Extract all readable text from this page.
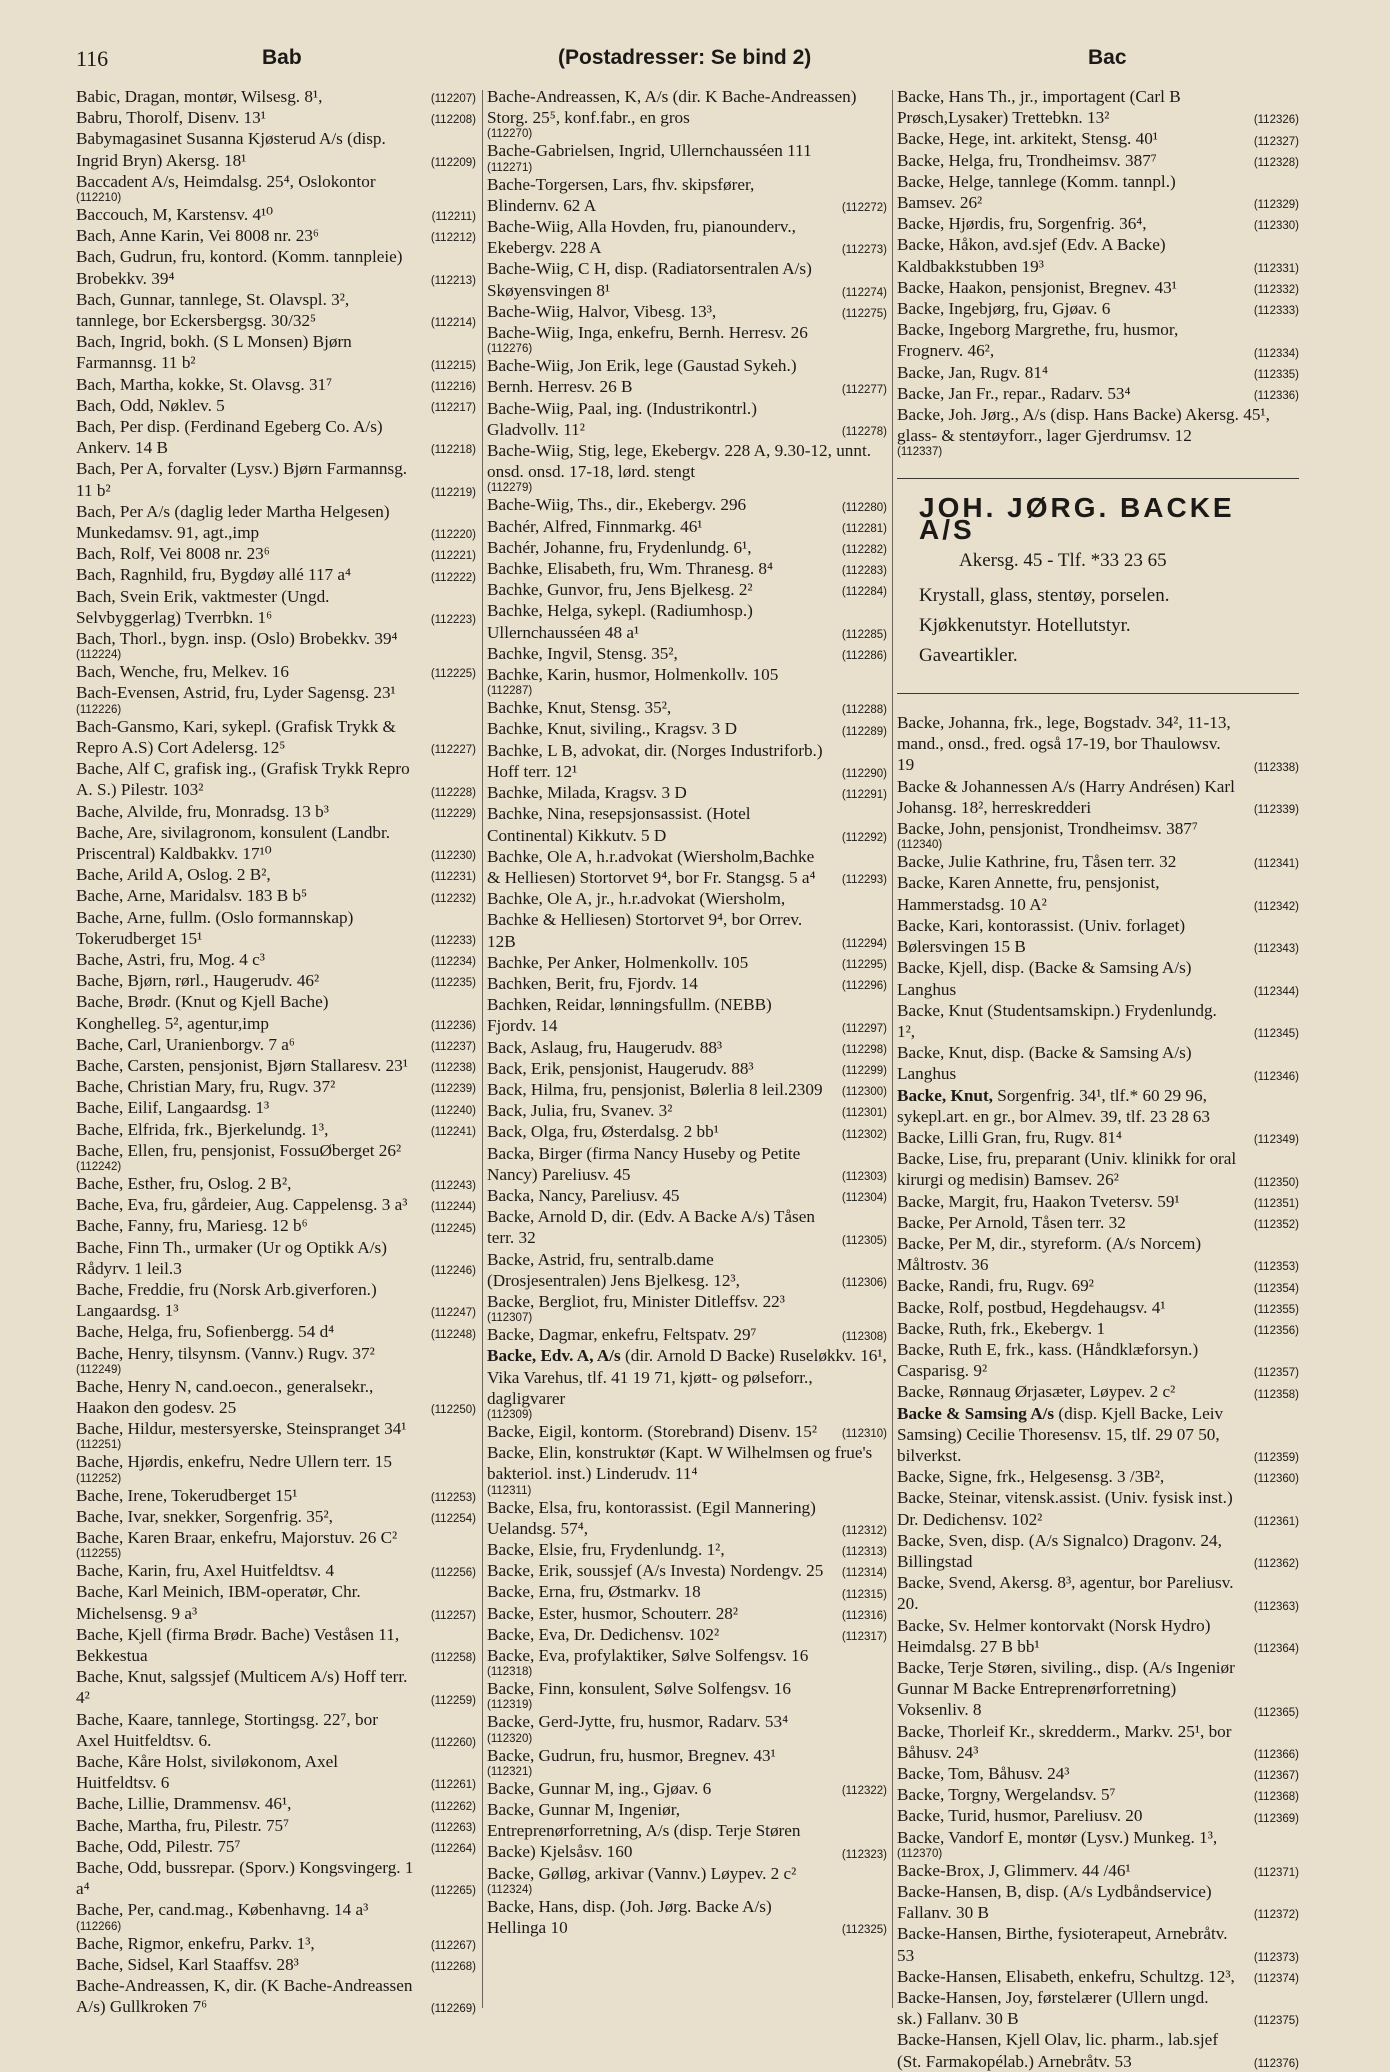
116	Bab	(Postadresser: Se bind 2)	Bac
Babic, Dragan, montør, Wilsesg. 8¹,	(112207)
Babru, Thorolf, Disenv. 13¹	(112208)
Babymagasinet Susanna Kjøsterud A/s (disp. Ingrid Bryn) Akersg. 18¹	(112209)
Baccadent A/s, Heimdalsg. 25⁴, Oslokontor
(112210)
Baccouch, M, Karstensv. 4¹⁰	(112211)
Bach, Anne Karin, Vei 8008 nr. 23⁶	(112212)
Bach, Gudrun, fru, kontord. (Komm. tannpleie) Brobekkv. 39⁴	(112213)
Bach, Gunnar, tannlege, St. Olavspl. 3², tannlege, bor Eckersbergsg. 30/32⁵	(112214)
Bach, Ingrid, bokh. (S L Monsen) Bjørn Farmannsg. 11 b²	(112215)
Bach, Martha, kokke, St. Olavsg. 31⁷	(112216)
Bach, Odd, Nøklev. 5	(112217)
Bach, Per disp. (Ferdinand Egeberg Co. A/s) Ankerv. 14 B	(112218)
Bach, Per A, forvalter (Lysv.) Bjørn Farmannsg. 11 b²	(112219)
Bach, Per A/s (daglig leder Martha Helgesen) Munkedamsv. 91, agt.,imp	(112220)
Bach, Rolf, Vei 8008 nr. 23⁶	(112221)
Bach, Ragnhild, fru, Bygdøy allé 117 a⁴	(112222)
Bach, Svein Erik, vaktmester (Ungd. Selvbyggerlag) Tverrbkn. 1⁶	(112223)
Bach, Thorl., bygn. insp. (Oslo) Brobekkv. 39⁴
(112224)
Bach, Wenche, fru, Melkev. 16	(112225)
Bach-Evensen, Astrid, fru, Lyder Sagensg. 23¹
(112226)
Bach-Gansmo, Kari, sykepl. (Grafisk Trykk & Repro A.S) Cort Adelersg. 12⁵	(112227)
Bache, Alf C, grafisk ing., (Grafisk Trykk Repro A. S.) Pilestr. 103²	(112228)
Bache, Alvilde, fru, Monradsg. 13 b³	(112229)
Bache, Are, sivilagronom, konsulent (Landbr. Priscentral) Kaldbakkv. 17¹⁰	(112230)
Bache, Arild A, Oslog. 2 B²,	(112231)
Bache, Arne, Maridalsv. 183 B b⁵	(112232)
Bache, Arne, fullm. (Oslo formannskap) Tokerudberget 15¹	(112233)
Bache, Astri, fru, Mog. 4 c³	(112234)
Bache, Bjørn, rørl., Haugerudv. 46²	(112235)
Bache, Brødr. (Knut og Kjell Bache) Konghelleg. 5², agentur,imp	(112236)
Bache, Carl, Uranienborgv. 7 a⁶	(112237)
Bache, Carsten, pensjonist, Bjørn Stallaresv. 23¹	(112238)
Bache, Christian Mary, fru, Rugv. 37²	(112239)
Bache, Eilif, Langaardsg. 1³	(112240)
Bache, Elfrida, frk., Bjerkelundg. 1³,	(112241)
Bache, Ellen, fru, pensjonist, FossuØberget 26²
(112242)
Bache, Esther, fru, Oslog. 2 B²,	(112243)
Bache, Eva, fru, gårdeier, Aug. Cappelensg. 3 a³	(112244)
Bache, Fanny, fru, Mariesg. 12 b⁶	(112245)
Bache, Finn Th., urmaker (Ur og Optikk A/s) Rådyrv. 1 leil.3	(112246)
Bache, Freddie, fru (Norsk Arb.giverforen.) Langaardsg. 1³	(112247)
Bache, Helga, fru, Sofienbergg. 54 d⁴	(112248)
Bache, Henry, tilsynsm. (Vannv.) Rugv. 37²
(112249)
Bache, Henry N, cand.oecon., generalsekr., Haakon den godesv. 25	(112250)
Bache, Hildur, mestersyerske, Steinspranget 34¹
(112251)
Bache, Hjørdis, enkefru, Nedre Ullern terr. 15
(112252)
Bache, Irene, Tokerudberget 15¹	(112253)
Bache, Ivar, snekker, Sorgenfrig. 35²,	(112254)
Bache, Karen Braar, enkefru, Majorstuv. 26 C²
(112255)
Bache, Karin, fru, Axel Huitfeldtsv. 4	(112256)
Bache, Karl Meinich, IBM-operatør, Chr. Michelsensg. 9 a³	(112257)
Bache, Kjell (firma Brødr. Bache) Veståsen 11, Bekkestua	(112258)
Bache, Knut, salgssjef (Multicem A/s) Hoff terr. 4²	(112259)
Bache, Kaare, tannlege, Stortingsg. 22⁷, bor Axel Huitfeldtsv. 6.	(112260)
Bache, Kåre Holst, siviløkonom, Axel Huitfeldtsv. 6	(112261)
Bache, Lillie, Drammensv. 46¹,	(112262)
Bache, Martha, fru, Pilestr. 75⁷	(112263)
Bache, Odd, Pilestr. 75⁷	(112264)
Bache, Odd, bussrepar. (Sporv.) Kongsvingerg. 1 a⁴	(112265)
Bache, Per, cand.mag., Københavng. 14 a³
(112266)
Bache, Rigmor, enkefru, Parkv. 1³,	(112267)
Bache, Sidsel, Karl Staaffsv. 28³	(112268)
Bache-Andreassen, K, dir. (K Bache-Andreassen A/s) Gullkroken 7⁶	(112269)
Bache-Andreassen, K, A/s (dir. K Bache-Andreassen) Storg. 25⁵, konf.fabr., en gros
(112270)
Bache-Gabrielsen, Ingrid, Ullernchausséen 111
(112271)
Bache-Torgersen, Lars, fhv. skipsfører, Blindernv. 62 A	(112272)
Bache-Wiig, Alla Hovden, fru, pianounderv., Ekebergv. 228 A	(112273)
Bache-Wiig, C H, disp. (Radiatorsentralen A/s) Skøyensvingen 8¹	(112274)
Bache-Wiig, Halvor, Vibesg. 13³,	(112275)
Bache-Wiig, Inga, enkefru, Bernh. Herresv. 26
(112276)
Bache-Wiig, Jon Erik, lege (Gaustad Sykeh.) Bernh. Herresv. 26 B	(112277)
Bache-Wiig, Paal, ing. (Industrikontrl.) Gladvollv. 11²	(112278)
Bache-Wiig, Stig, lege, Ekebergv. 228 A, 9.30-12, unnt. onsd. onsd. 17-18, lørd. stengt
(112279)
Bache-Wiig, Ths., dir., Ekebergv. 296	(112280)
Bachér, Alfred, Finnmarkg. 46¹	(112281)
Bachér, Johanne, fru, Frydenlundg. 6¹,	(112282)
Bachke, Elisabeth, fru, Wm. Thranesg. 8⁴	(112283)
Bachke, Gunvor, fru, Jens Bjelkesg. 2²	(112284)
Bachke, Helga, sykepl. (Radiumhosp.) Ullernchausséen 48 a¹	(112285)
Bachke, Ingvil, Stensg. 35²,	(112286)
Bachke, Karin, husmor, Holmenkollv. 105
(112287)
Bachke, Knut, Stensg. 35²,	(112288)
Bachke, Knut, siviling., Kragsv. 3 D	(112289)
Bachke, L B, advokat, dir. (Norges Industriforb.) Hoff terr. 12¹	(112290)
Bachke, Milada, Kragsv. 3 D	(112291)
Bachke, Nina, resepsjonsassist. (Hotel Continental) Kikkutv. 5 D	(112292)
Bachke, Ole A, h.r.advokat (Wiersholm,Bachke & Helliesen) Stortorvet 9⁴, bor Fr. Stangsg. 5 a⁴	(112293)
Bachke, Ole A, jr., h.r.advokat (Wiersholm, Bachke & Helliesen) Stortorvet 9⁴, bor Orrev. 12B	(112294)
Bachke, Per Anker, Holmenkollv. 105	(112295)
Bachken, Berit, fru, Fjordv. 14	(112296)
Bachken, Reidar, lønningsfullm. (NEBB) Fjordv. 14	(112297)
Back, Aslaug, fru, Haugerudv. 88³	(112298)
Back, Erik, pensjonist, Haugerudv. 88³	(112299)
Back, Hilma, fru, pensjonist, Bølerlia 8 leil.2309 (112300)
Back, Julia, fru, Svanev. 3²	(112301)
Back, Olga, fru, Østerdalsg. 2 bb¹	(112302)
Backa, Birger (firma Nancy Huseby og Petite Nancy) Pareliusv. 45	(112303)
Backa, Nancy, Pareliusv. 45	(112304)
Backe, Arnold D, dir. (Edv. A Backe A/s) Tåsen terr. 32	(112305)
Backe, Astrid, fru, sentralb.dame (Drosjesentralen) Jens Bjelkesg. 12³,	(112306)
Backe, Bergliot, fru, Minister Ditleffsv. 22³
(112307)
Backe, Dagmar, enkefru, Feltspatv. 29⁷	(112308)
Backe, Edv. A, A/s (dir. Arnold D Backe) Ruseløkkv. 16¹, Vika Varehus, tlf. 41 19 71, kjøtt- og pølseforr., dagligvarer
(112309)
Backe, Eigil, kontorm. (Storebrand) Disenv. 15²	(112310)
Backe, Elin, konstruktør (Kapt. W Wilhelmsen og frue's bakteriol. inst.) Linderudv. 11⁴
(112311)
Backe, Elsa, fru, kontorassist. (Egil Mannering) Uelandsg. 57⁴,	(112312)
Backe, Elsie, fru, Frydenlundg. 1²,	(112313)
Backe, Erik, soussjef (A/s Investa) Nordengv. 25 (112314)
Backe, Erna, fru, Østmarkv. 18	(112315)
Backe, Ester, husmor, Schouterr. 28²	(112316)
Backe, Eva, Dr. Dedichensv. 102²	(112317)
Backe, Eva, profylaktiker, Sølve Solfengsv. 16
(112318)
Backe, Finn, konsulent, Sølve Solfengsv. 16
(112319)
Backe, Gerd-Jytte, fru, husmor, Radarv. 53⁴
(112320)
Backe, Gudrun, fru, husmor, Bregnev. 43¹
(112321)
Backe, Gunnar M, ing., Gjøav. 6	(112322)
Backe, Gunnar M, Ingeniør, Entreprenørforretning, A/s (disp. Terje Støren Backe) Kjelsåsv. 160	(112323)
Backe, Gølløg, arkivar (Vannv.) Løypev. 2 c²
(112324)
Backe, Hans, disp. (Joh. Jørg. Backe A/s) Hellinga 10	(112325)
Backe, Hans Th., jr., importagent (Carl B Prøsch,Lysaker) Trettebkn. 13²	(112326)
Backe, Hege, int. arkitekt, Stensg. 40¹	(112327)
Backe, Helga, fru, Trondheimsv. 387⁷	(112328)
Backe, Helge, tannlege (Komm. tannpl.) Bamsev. 26²	(112329)
Backe, Hjørdis, fru, Sorgenfrig. 36⁴,	(112330)
Backe, Håkon, avd.sjef (Edv. A Backe) Kaldbakkstubben 19³	(112331)
Backe, Haakon, pensjonist, Bregnev. 43¹	(112332)
Backe, Ingebjørg, fru, Gjøav. 6	(112333)
Backe, Ingeborg Margrethe, fru, husmor, Frognerv. 46²,	(112334)
Backe, Jan, Rugv. 81⁴	(112335)
Backe, Jan Fr., repar., Radarv. 53⁴	(112336)
Backe, Joh. Jørg., A/s (disp. Hans Backe) Akersg. 45¹, glass- & stentøyforr., lager Gjerdrumsv. 12
(112337)
JOH. JØRG. BACKE A/S
Akersg. 45 - Tlf. *33 23 65
Krystall, glass, stentøy, porselen.
Kjøkkenutstyr. Hotellutstyr.
Gaveartikler.
Backe, Johanna, frk., lege, Bogstadv. 34², 11-13, mand., onsd., fred. også 17-19, bor Thaulowsv. 19	(112338)
Backe & Johannessen A/s (Harry Andrésen) Karl Johansg. 18², herreskredderi	(112339)
Backe, John, pensjonist, Trondheimsv. 387⁷
(112340)
Backe, Julie Kathrine, fru, Tåsen terr. 32	(112341)
Backe, Karen Annette, fru, pensjonist, Hammerstadsg. 10 A²	(112342)
Backe, Kari, kontorassist. (Univ. forlaget) Bølersvingen 15 B	(112343)
Backe, Kjell, disp. (Backe & Samsing A/s) Langhus	(112344)
Backe, Knut (Studentsamskipn.) Frydenlundg. 1²,	(112345)
Backe, Knut, disp. (Backe & Samsing A/s) Langhus	(112346)
Backe, Knut, Sorgenfrig. 34¹, tlf.* 60 29 96, sykepl.art. en gr., bor Almev. 39, tlf. 23 28 63
Backe, Lilli Gran, fru, Rugv. 81⁴	(112349)
Backe, Lise, fru, preparant (Univ. klinikk for oral kirurgi og medisin) Bamsev. 26²	(112350)
Backe, Margit, fru, Haakon Tvetersv. 59¹	(112351)
Backe, Per Arnold, Tåsen terr. 32	(112352)
Backe, Per M, dir., styreform. (A/s Norcem) Måltrostv. 36	(112353)
Backe, Randi, fru, Rugv. 69²	(112354)
Backe, Rolf, postbud, Hegdehaugsv. 4¹	(112355)
Backe, Ruth, frk., Ekebergv. 1	(112356)
Backe, Ruth E, frk., kass. (Håndklæforsyn.) Casparisg. 9²	(112357)
Backe, Rønnaug Ørjasæter, Løypev. 2 c²	(112358)
Backe & Samsing A/s (disp. Kjell Backe, Leiv Samsing) Cecilie Thoresensv. 15, tlf. 29 07 50, bilverkst.	(112359)
Backe, Signe, frk., Helgesensg. 3 /3B²,	(112360)
Backe, Steinar, vitensk.assist. (Univ. fysisk inst.) Dr. Dedichensv. 102²	(112361)
Backe, Sven, disp. (A/s Signalco) Dragonv. 24, Billingstad	(112362)
Backe, Svend, Akersg. 8³, agentur, bor Pareliusv. 20.	(112363)
Backe, Sv. Helmer kontorvakt (Norsk Hydro) Heimdalsg. 27 B bb¹	(112364)
Backe, Terje Støren, siviling., disp. (A/s Ingeniør Gunnar M Backe Entreprenørforretning) Voksenliv. 8	(112365)
Backe, Thorleif Kr., skredderm., Markv. 25¹, bor Båhusv. 24³	(112366)
Backe, Tom, Båhusv. 24³	(112367)
Backe, Torgny, Wergelandsv. 5⁷	(112368)
Backe, Turid, husmor, Pareliusv. 20	(112369)
Backe, Vandorf E, montør (Lysv.) Munkeg. 1³,
(112370)
Backe-Brox, J, Glimmerv. 44 /46¹	(112371)
Backe-Hansen, B, disp. (A/s Lydbåndservice) Fallanv. 30 B	(112372)
Backe-Hansen, Birthe, fysioterapeut, Arnebråtv. 53	(112373)
Backe-Hansen, Elisabeth, enkefru, Schultzg. 12³, (112374)
Backe-Hansen, Joy, førstelærer (Ullern ungd. sk.) Fallanv. 30 B	(112375)
Backe-Hansen, Kjell Olav, lic. pharm., lab.sjef (St. Farmakopélab.) Arnebråtv. 53	(112376)
